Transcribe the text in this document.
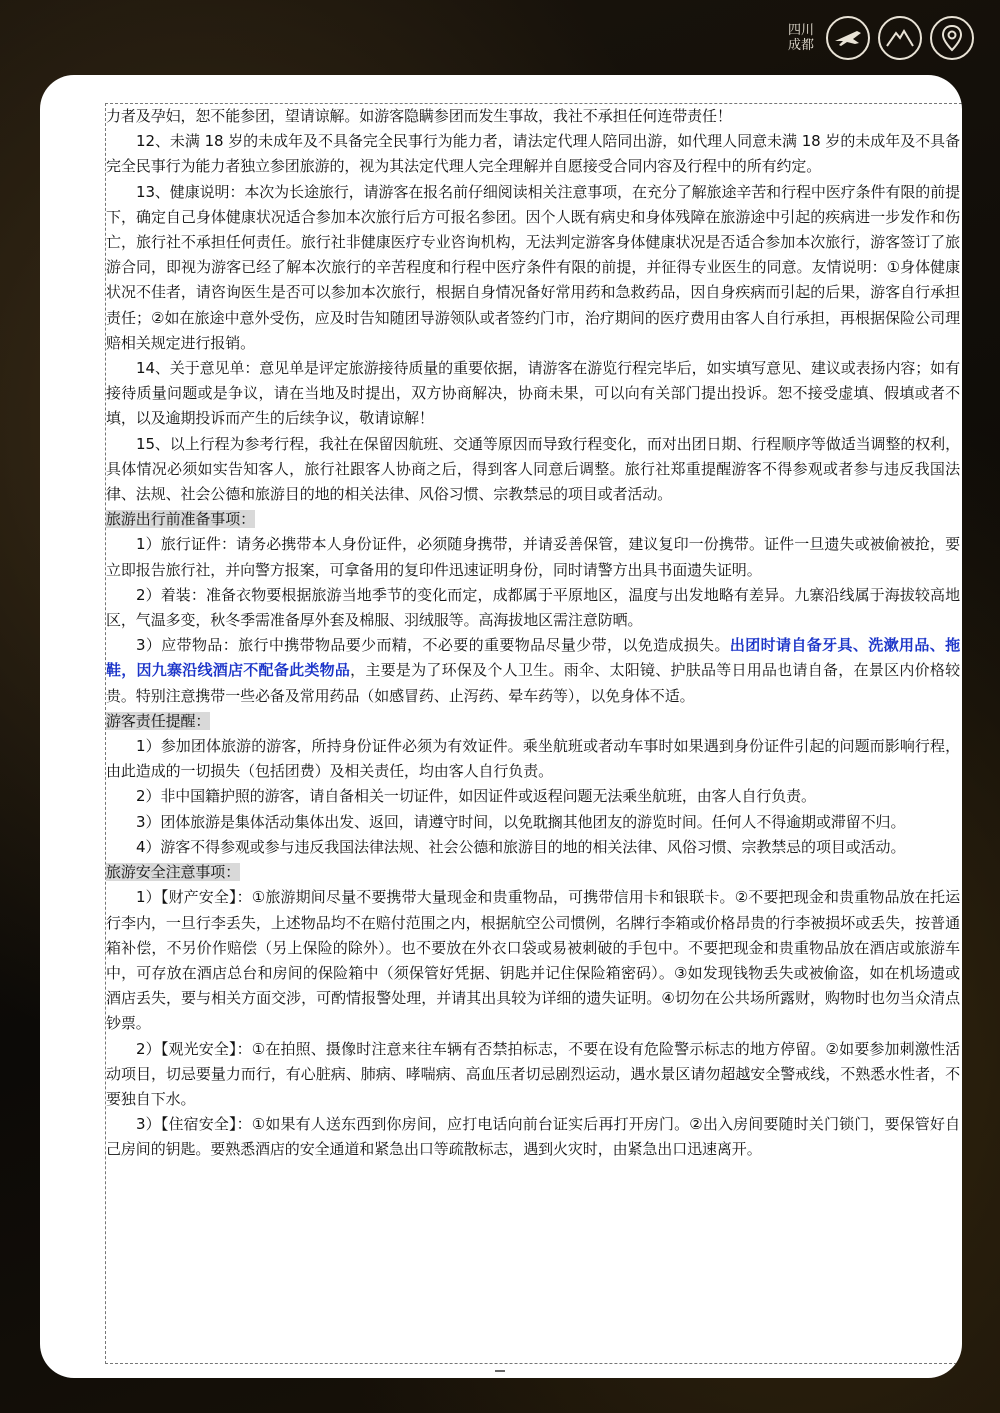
四川
成都

力者及孕妇，恕不能参团，望请谅解。如游客隐瞒参团而发生事故，我社不承担任何连带责任！

12、未满 18 岁的未成年及不具备完全民事行为能力者，请法定代理人陪同出游，如代理人同意未满 18 岁的未成年及不具备完全民事行为能力者独立参团旅游的，视为其法定代理人完全理解并自愿接受合同内容及行程中的所有约定。

13、健康说明：本次为长途旅行，请游客在报名前仔细阅读相关注意事项，在充分了解旅途辛苦和行程中医疗条件有限的前提下，确定自己身体健康状况适合参加本次旅行后方可报名参团。因个人既有病史和身体残障在旅游途中引起的疾病进一步发作和伤亡，旅行社不承担任何责任。旅行社非健康医疗专业咨询机构，无法判定游客身体健康状况是否适合参加本次旅行，游客签订了旅游合同，即视为游客已经了解本次旅行的辛苦程度和行程中医疗条件有限的前提，并征得专业医生的同意。友情说明：①身体健康状况不佳者，请咨询医生是否可以参加本次旅行，根据自身情况备好常用药和急救药品，因自身疾病而引起的后果，游客自行承担责任；②如在旅途中意外受伤，应及时告知随团导游领队或者签约门市，治疗期间的医疗费用由客人自行承担，再根据保险公司理赔相关规定进行报销。

14、关于意见单：意见单是评定旅游接待质量的重要依据，请游客在游览行程完毕后，如实填写意见、建议或表扬内容；如有接待质量问题或是争议，请在当地及时提出，双方协商解决，协商未果，可以向有关部门提出投诉。恕不接受虚填、假填或者不填，以及逾期投诉而产生的后续争议，敬请谅解！

15、以上行程为参考行程，我社在保留因航班、交通等原因而导致行程变化，而对出团日期、行程顺序等做适当调整的权利，具体情况必须如实告知客人，旅行社跟客人协商之后，得到客人同意后调整。旅行社郑重提醒游客不得参观或者参与违反我国法律、法规、社会公德和旅游目的地的相关法律、风俗习惯、宗教禁忌的项目或者活动。

旅游出行前准备事项：

1）旅行证件：请务必携带本人身份证件，必须随身携带，并请妥善保管，建议复印一份携带。证件一旦遗失或被偷被抢，要立即报告旅行社，并向警方报案，可拿备用的复印件迅速证明身份，同时请警方出具书面遗失证明。

2）着装：准备衣物要根据旅游当地季节的变化而定，成都属于平原地区，温度与出发地略有差异。九寨沿线属于海拔较高地区，气温多变，秋冬季需准备厚外套及棉服、羽绒服等。高海拔地区需注意防晒。

3）应带物品：旅行中携带物品要少而精，不必要的重要物品尽量少带，以免造成损失。出团时请自备牙具、洗漱用品、拖鞋，因九寨沿线酒店不配备此类物品，主要是为了环保及个人卫生。雨伞、太阳镜、护肤品等日用品也请自备，在景区内价格较贵。特别注意携带一些必备及常用药品（如感冒药、止泻药、晕车药等），以免身体不适。

游客责任提醒：

1）参加团体旅游的游客，所持身份证件必须为有效证件。乘坐航班或者动车事时如果遇到身份证件引起的问题而影响行程，由此造成的一切损失（包括团费）及相关责任，均由客人自行负责。

2）非中国籍护照的游客，请自备相关一切证件，如因证件或返程问题无法乘坐航班，由客人自行负责。

3）团体旅游是集体活动集体出发、返回，请遵守时间，以免耽搁其他团友的游览时间。任何人不得逾期或滞留不归。

4）游客不得参观或参与违反我国法律法规、社会公德和旅游目的地的相关法律、风俗习惯、宗教禁忌的项目或活动。

旅游安全注意事项：

1）【财产安全】：①旅游期间尽量不要携带大量现金和贵重物品，可携带信用卡和银联卡。②不要把现金和贵重物品放在托运行李内，一旦行李丢失，上述物品均不在赔付范围之内，根据航空公司惯例，名牌行李箱或价格昂贵的行李被损坏或丢失，按普通箱补偿，不另价作赔偿（另上保险的除外）。也不要放在外衣口袋或易被刺破的手包中。不要把现金和贵重物品放在酒店或旅游车中，可存放在酒店总台和房间的保险箱中（须保管好凭据、钥匙并记住保险箱密码）。③如发现钱物丢失或被偷盗，如在机场遗或酒店丢失，要与相关方面交涉，可酌情报警处理，并请其出具较为详细的遗失证明。④切勿在公共场所露财，购物时也勿当众清点钞票。

2）【观光安全】：①在拍照、摄像时注意来往车辆有否禁拍标志，不要在设有危险警示标志的地方停留。②如要参加刺激性活动项目，切忌要量力而行，有心脏病、肺病、哮喘病、高血压者切忌剧烈运动，遇水景区请勿超越安全警戒线，不熟悉水性者，不要独自下水。

3）【住宿安全】：①如果有人送东西到你房间，应打电话向前台证实后再打开房门。②出入房间要随时关门锁门，要保管好自己房间的钥匙。要熟悉酒店的安全通道和紧急出口等疏散标志，遇到火灾时，由紧急出口迅速离开。
